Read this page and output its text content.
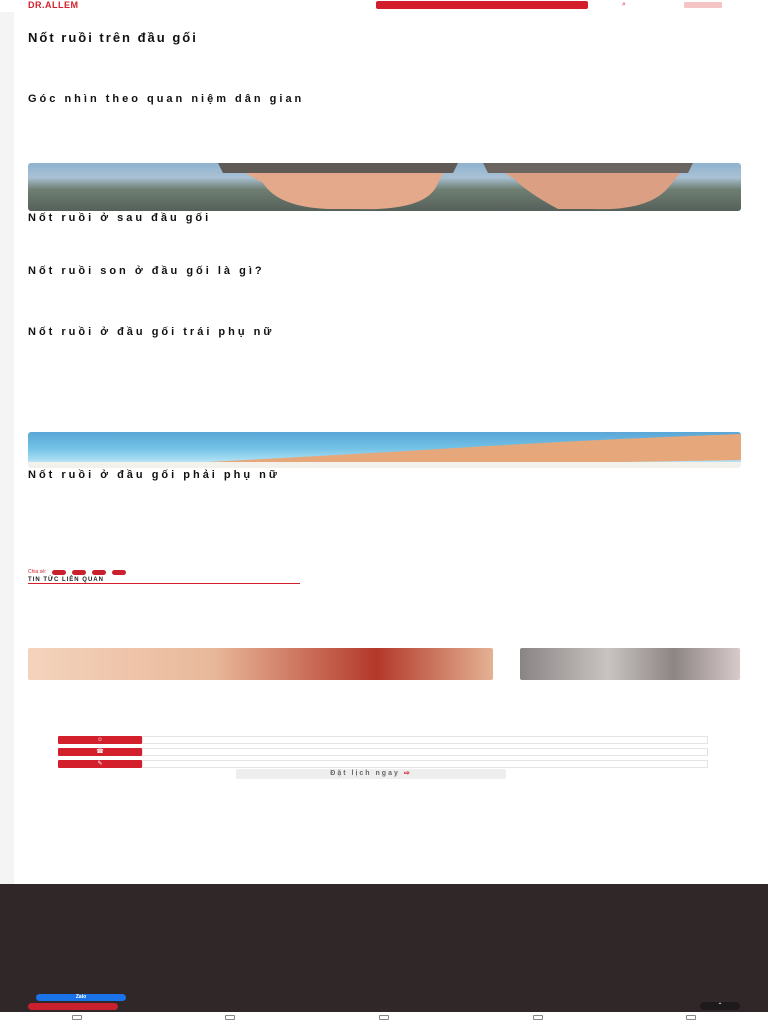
DR.ALLEM	⌕
Nốt ruồi trên đầu gối
Góc nhìn theo quan niệm dân gian
Nốt ruồi ở sau đầu gối
Nốt ruồi son ở đầu gối là gì?
Nốt ruồi ở đầu gối trái phụ nữ
Nốt ruồi ở đầu gối phải phụ nữ
Chia sẻ:
TIN TỨC LIÊN QUAN
☺
☎
✎
Đặt lịch ngay ⇨
Zalo
⌃
